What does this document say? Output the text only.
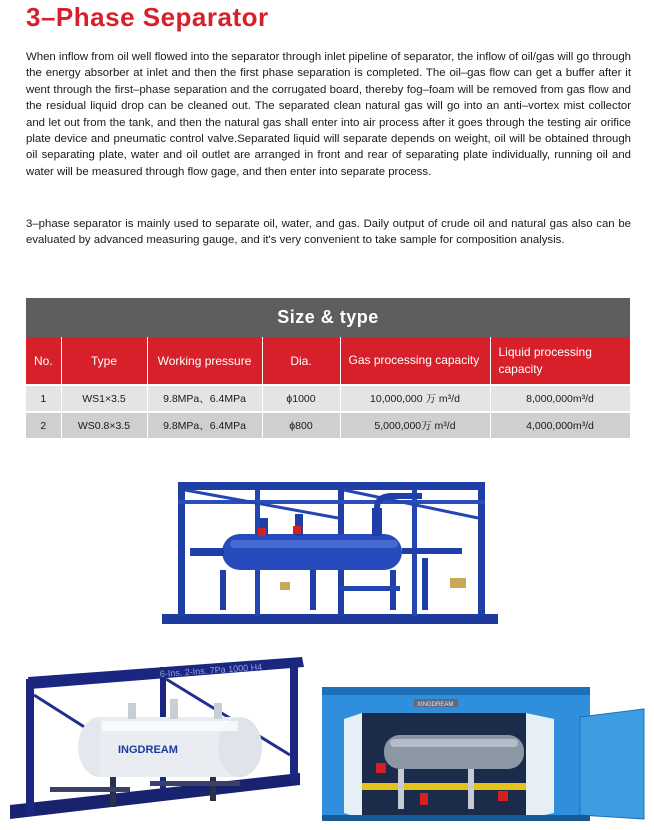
3–Phase Separator

When inflow from oil well flowed into the separator through inlet pipeline of separator, the inflow of oil/gas will go through the energy absorber at inlet and then the first phase separation is completed. The oil–gas flow can get a buffer after it went through the first–phase separation and the corrugated board, thereby fog–foam will be removed from gas flow and the residual liquid drop can be cleaned out. The separated clean natural gas will go into an anti–vortex mist collector and let out from the tank, and then the natural gas shall enter into air process after it goes through the testing air orifice plate device and pneumatic control valve.Separated liquid will separate depends on weight, oil will be obtained through oil separating plate, water and oil outlet are arranged in front and rear of separating plate individually, running oil and water will be measured through flow gage, and then enter into separate process.

3–phase separator is mainly used to separate oil, water, and gas. Daily output of crude oil and natural gas also can be evaluated by advanced measuring gauge, and it's very convenient to take sample for composition analysis.

Size & type					
No.	Type	Working pressure	Dia.	Gas processing capacity	Liquid processing capacity
1	WS1×3.5	9.8MPa、6.4MPa	ϕ1000	10,000,000 万 m³/d	8,000,000m³/d
2	WS0.8×3.5	9.8MPa、6.4MPa	ϕ800	5,000,000万 m³/d	4,000,000m³/d
6-Ins. 2-Ins. 7Pa 1000 H4
INGDREAM
XINGDREAM
